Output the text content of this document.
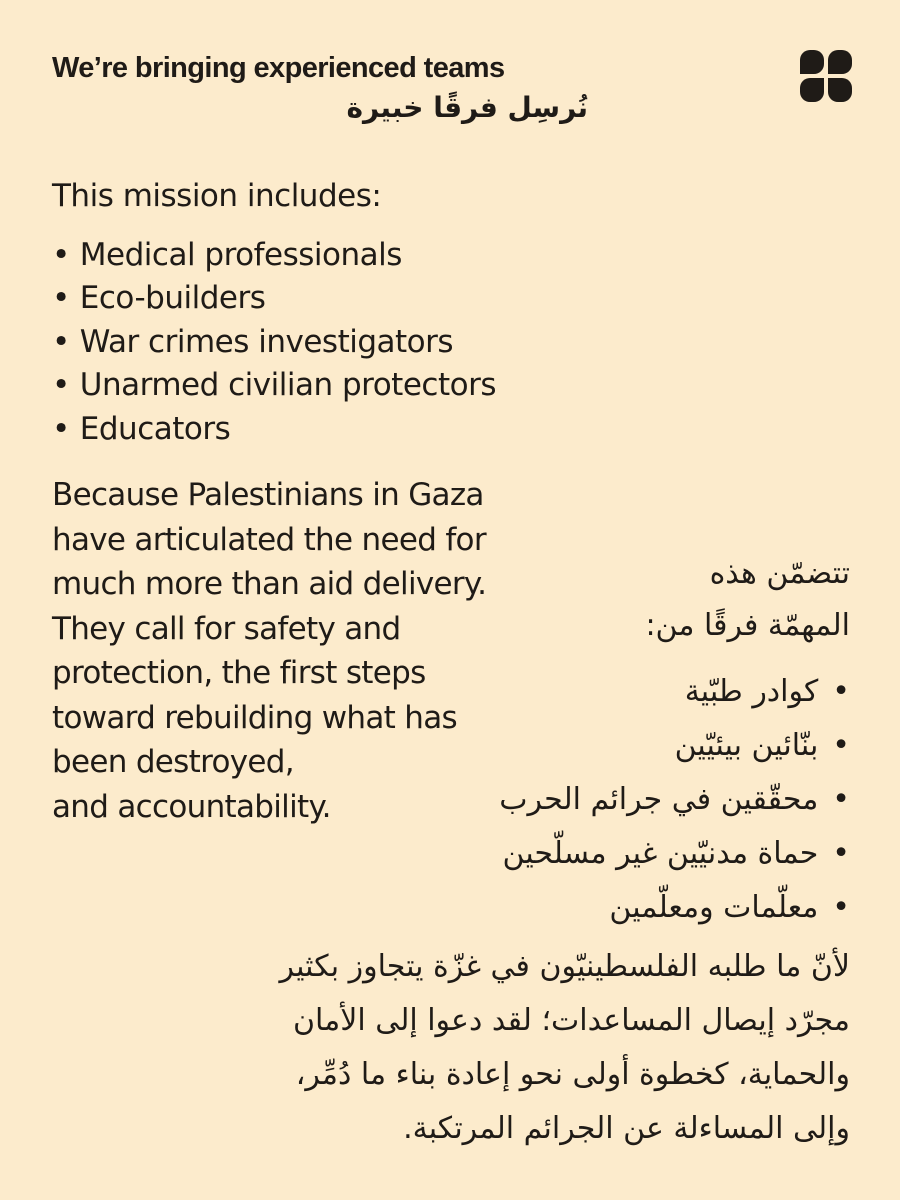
We’re bringing experienced teams
نُرسِل فرقًا خبيرة
This mission includes:
• Medical professionals
• Eco-builders
• War crimes investigators
• Unarmed civilian protectors
• Educators

Because Palestinians in Gaza
have articulated the need for
much more than aid delivery.
They call for safety and
protection, the first steps
toward rebuilding what has
been destroyed,
and accountability.

تتضمّن هذه
المهمّة فرقًا من:
• كوادر طبّية
• بنّائين بيئيّين
• محقّقين في جرائم الحرب
• حماة مدنيّين غير مسلّحين
• معلّمات ومعلّمين

لأنّ ما طلبه الفلسطينيّون في غزّة يتجاوز بكثير
مجرّد إيصال المساعدات؛ لقد دعوا إلى الأمان
والحماية، كخطوة أولى نحو إعادة بناء ما دُمِّر،
وإلى المساءلة عن الجرائم المرتكبة.
